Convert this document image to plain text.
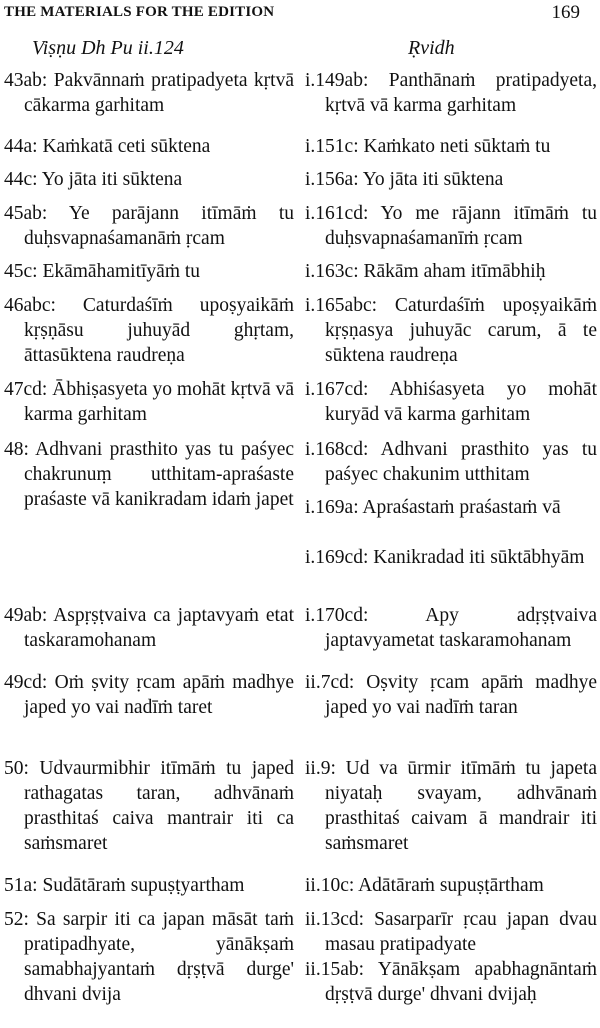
THE MATERIALS FOR THE EDITION	169
Viṣṇu Dh Pu ii.124	Ṛvidh
43ab: Pakvānnaṁ pratipadyeta kṛtvā cākarma garhitam
44a: Kaṁkatā ceti sūktena
44c: Yo jāta iti sūktena
45ab: Ye parājann itīmāṁ tu duḥsvapnaśamanāṁ ṛcam
45c: Ekāmāhamitīyāṁ tu
46abc: Caturdaśīṁ upoṣyaikāṁ kṛṣṇāsu juhuyād ghṛtam, āttasūktena raudreṇa
47cd: Ābhiṣasyeta yo mohāt kṛtvā vā karma garhitam
48: Adhvani prasthito yas tu paśyec chakrunuṃ utthitam-apraśaste praśaste vā kanikradam idaṁ japet
49ab: Aspṛṣṭvaiva ca japtavyaṁ etat taskaramohanam
49cd: Oṁ ṣvity ṛcam apāṁ madhye japed yo vai nadīṁ taret
50: Udvaurmibhir itīmāṁ tu japed rathagatas taran, adhvānaṁ prasthitaś caiva mantrair iti ca saṁsmaret
51a: Sudātāraṁ supuṣṭyartham
52: Sa sarpir iti ca japan māsāt taṁ pratipadhyate, yānākṣaṁ samabhajyantaṁ dṛṣṭvā durge' dhvani dvija
i.149ab: Panthānaṁ pratipadyeta, kṛtvā vā karma garhitam
i.151c: Kaṁkato neti sūktaṁ tu
i.156a: Yo jāta iti sūktena
i.161cd: Yo me rājann itīmāṁ tu duḥsvapnaśamanīṁ ṛcam
i.163c: Rākām aham itīmābhiḥ
i.165abc: Caturdaśīṁ upoṣyaikāṁ kṛṣṇasya juhuyāc carum, ā te sūktena raudreṇa
i.167cd: Abhiśasyeta yo mohāt kuryād vā karma garhitam
i.168cd: Adhvani prasthito yas tu paśyec chakunim utthitam
i.169a: Apraśastaṁ praśastaṁ vā
i.169cd: Kanikradad iti sūktābhyām
i.170cd: Apy adṛṣṭvaiva japtavyametat taskaramohanam
ii.7cd: Oṣvity ṛcam apāṁ madhye japed yo vai nadīṁ taran
ii.9: Ud va ūrmir itīmāṁ tu japeta niyataḥ svayam, adhvānaṁ prasthitaś caivam ā mandrair iti saṁsmaret
ii.10c: Adātāraṁ supuṣṭārtham
ii.13cd: Sasarparīr ṛcau japan dvau masau pratipadyate
ii.15ab: Yānākṣam apabhagnāntaṁ dṛṣṭvā durge' dhvani dvijaḥ
